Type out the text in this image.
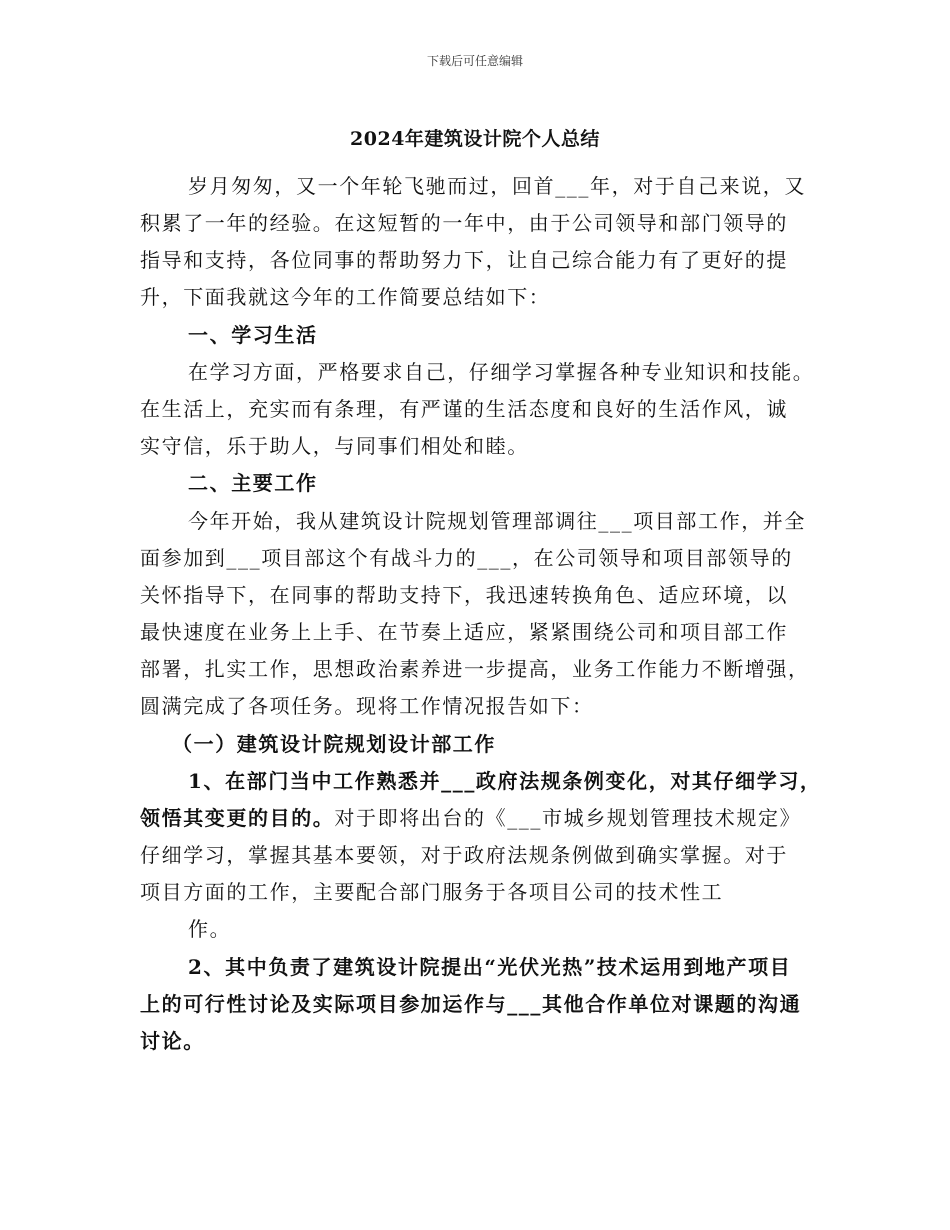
下载后可任意编辑
2024年建筑设计院个人总结
岁月匆匆，又一个年轮飞驰而过，回首___年，对于自己来说，又
积累了一年的经验。在这短暂的一年中，由于公司领导和部门领导的
指导和支持，各位同事的帮助努力下，让自己综合能力有了更好的提
升，下面我就这今年的工作简要总结如下：
一、学习生活
在学习方面，严格要求自己，仔细学习掌握各种专业知识和技能。
在生活上，充实而有条理，有严谨的生活态度和良好的生活作风，诚
实守信，乐于助人，与同事们相处和睦。
二、主要工作
今年开始，我从建筑设计院规划管理部调往___项目部工作，并全
面参加到___项目部这个有战斗力的___，在公司领导和项目部领导的
关怀指导下，在同事的帮助支持下，我迅速转换角色、适应环境，以
最快速度在业务上上手、在节奏上适应，紧紧围绕公司和项目部工作
部署，扎实工作，思想政治素养进一步提高，业务工作能力不断增强，
圆满完成了各项任务。现将工作情况报告如下：
（一）建筑设计院规划设计部工作
1、在部门当中工作熟悉并___政府法规条例变化，对其仔细学习，
领悟其变更的目的。对于即将出台的《___市城乡规划管理技术规定》
仔细学习，掌握其基本要领，对于政府法规条例做到确实掌握。对于
项目方面的工作，主要配合部门服务于各项目公司的技术性工
作。
2、其中负责了建筑设计院提出“光伏光热”技术运用到地产项目
上的可行性讨论及实际项目参加运作与___其他合作单位对课题的沟通
讨论。
